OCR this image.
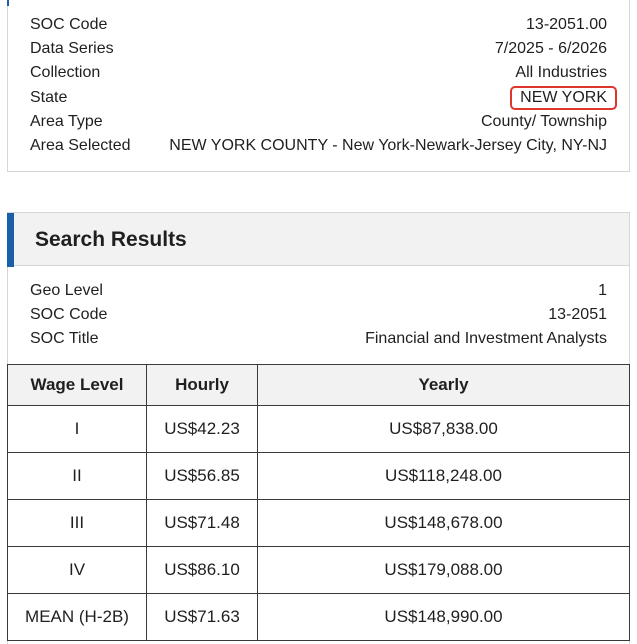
SOC Code	13-2051.00
Data Series	7/2025 - 6/2026
Collection	All Industries
State	NEW YORK
Area Type	County/ Township
Area Selected NEW YORK COUNTY - New York-Newark-Jersey City, NY-NJ
Search Results
Geo Level	1
SOC Code	13-2051
SOC Title	Financial and Investment Analysts
Wage Level	Hourly	Yearly
I	US$42.23	US$87,838.00
II	US$56.85	US$118,248.00
III	US$71.48	US$148,678.00
IV	US$86.10	US$179,088.00
MEAN (H-2B)	US$71.63	US$148,990.00
